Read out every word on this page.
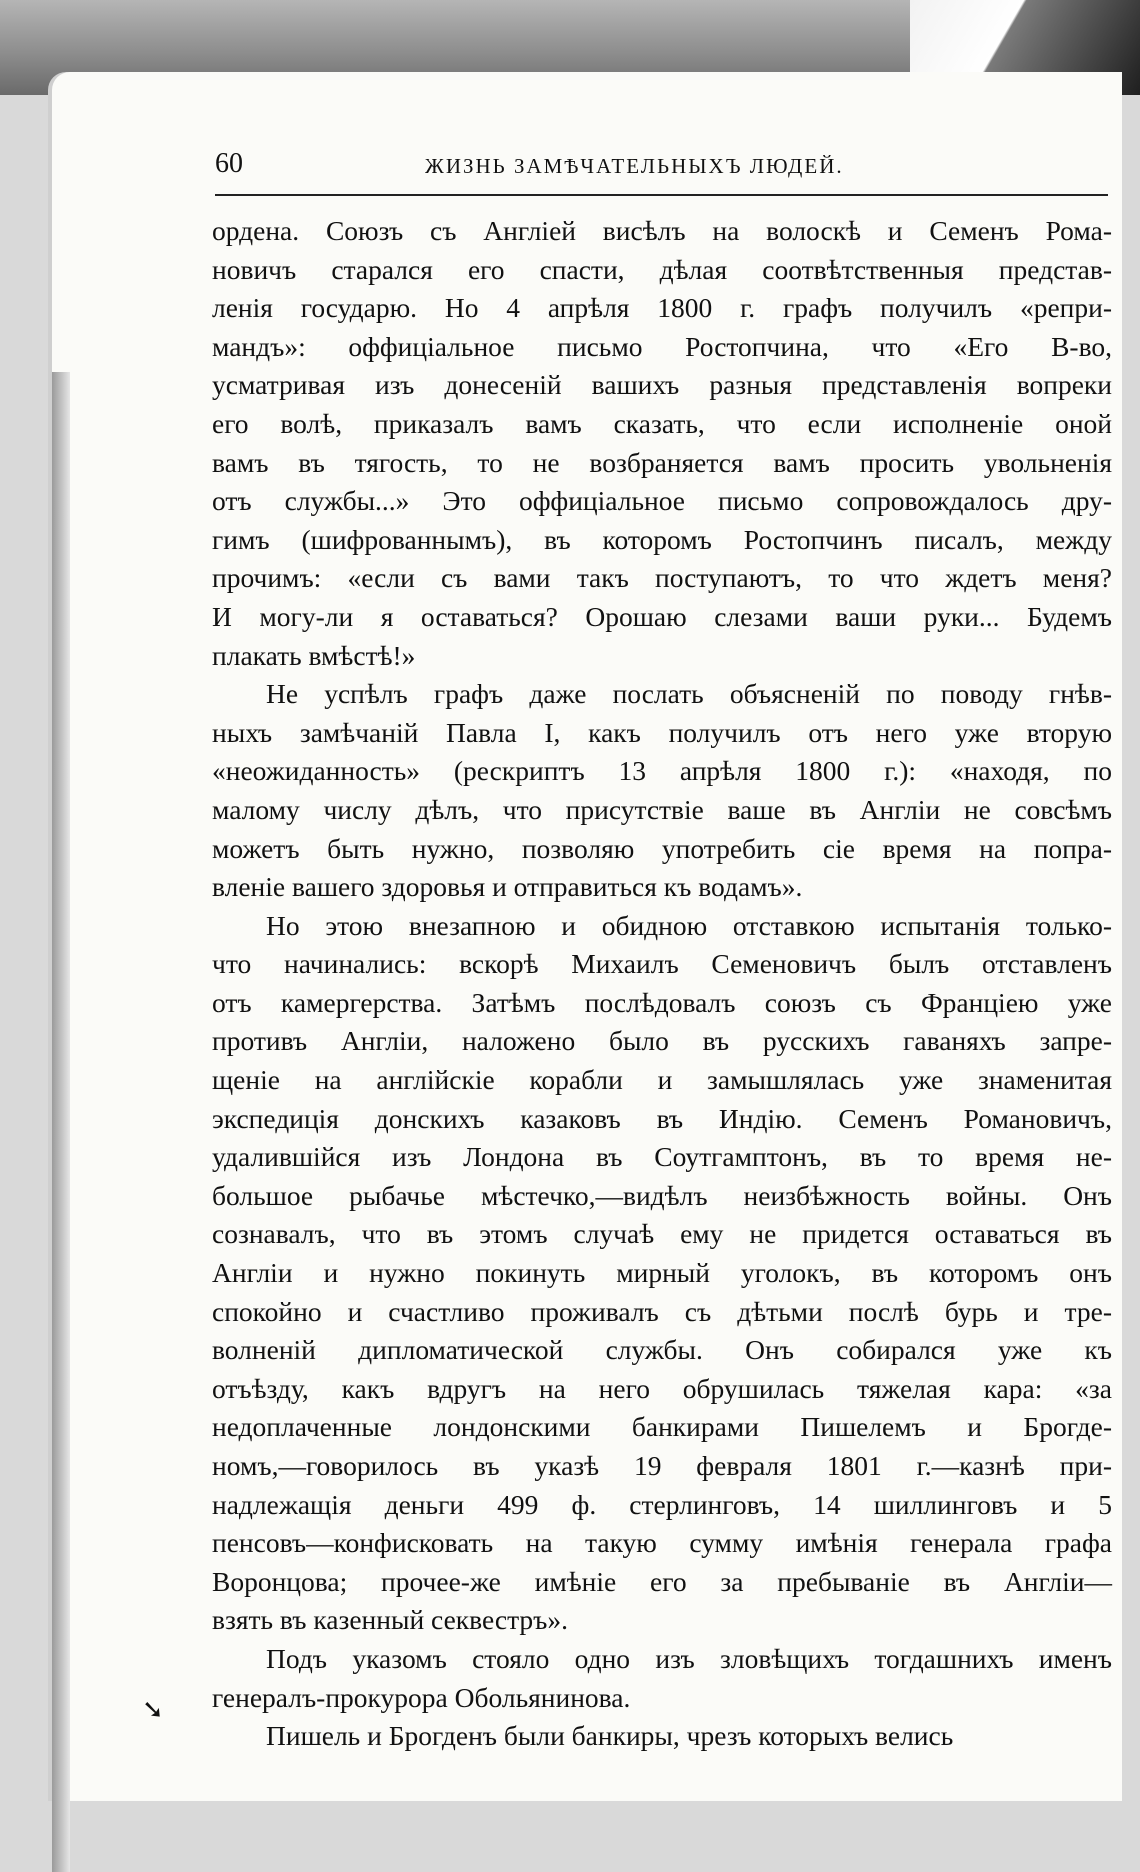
60	ЖИЗНЬ ЗАМѢЧАТЕЛЬНЫХЪ ЛЮДЕЙ.
ордена. Союзъ съ Англіей висѣлъ на волоскѣ и Семенъ Рома-
новичъ старался его спасти, дѣлая соотвѣтственныя представ-
ленія государю. Но 4 апрѣля 1800 г. графъ получилъ «репри-
мандъ»: оффиціальное письмо Ростопчина, что «Его В-во,
усматривая изъ донесеній вашихъ разныя представленія вопреки
его волѣ, приказалъ вамъ сказать, что если исполненіе оной
вамъ въ тягость, то не возбраняется вамъ просить увольненія
отъ службы...» Это оффиціальное письмо сопровождалось дру-
гимъ (шифрованнымъ), въ которомъ Ростопчинъ писалъ, между
прочимъ: «если съ вами такъ поступаютъ, то что ждетъ меня?
И могу-ли я оставаться? Орошаю слезами ваши руки... Будемъ
плакать вмѣстѣ!»
Не успѣлъ графъ даже послать объясненій по поводу гнѣв-
ныхъ замѣчаній Павла I, какъ получилъ отъ него уже вторую
«неожиданность» (рескриптъ 13 апрѣля 1800 г.): «находя, по
малому числу дѣлъ, что присутствіе ваше въ Англіи не совсѣмъ
можетъ быть нужно, позволяю употребить сіе время на попра-
вленіе вашего здоровья и отправиться къ водамъ».
Но этою внезапною и обидною отставкою испытанія только-
что начинались: вскорѣ Михаилъ Семеновичъ былъ отставленъ
отъ камергерства. Затѣмъ послѣдовалъ союзъ съ Франціею уже
противъ Англіи, наложено было въ русскихъ гаваняхъ запре-
щеніе на англійскіе корабли и замышлялась уже знаменитая
экспедиція донскихъ казаковъ въ Индію. Семенъ Романовичъ,
удалившійся изъ Лондона въ Соутгамптонъ, въ то время не-
большое рыбачье мѣстечко,—видѣлъ неизбѣжность войны. Онъ
сознавалъ, что въ этомъ случаѣ ему не придется оставаться въ
Англіи и нужно покинуть мирный уголокъ, въ которомъ онъ
спокойно и счастливо проживалъ съ дѣтьми послѣ бурь и тре-
волненій дипломатической службы. Онъ собирался уже къ
отъѣзду, какъ вдругъ на него обрушилась тяжелая кара: «за
недоплаченные лондонскими банкирами Пишелемъ и Брогде-
номъ,—говорилось въ указѣ 19 февраля 1801 г.—казнѣ при-
надлежащія деньги 499 ф. стерлинговъ, 14 шиллинговъ и 5
пенсовъ—конфисковать на такую сумму имѣнія генерала графа
Воронцова; прочее-же имѣніе его за пребываніе въ Англіи—
взять въ казенный секвестръ».
Подъ указомъ стояло одно изъ зловѣщихъ тогдашнихъ именъ
генералъ-прокурора Обольянинова.
Пишель и Брогденъ были банкиры, чрезъ которыхъ велись
➘
